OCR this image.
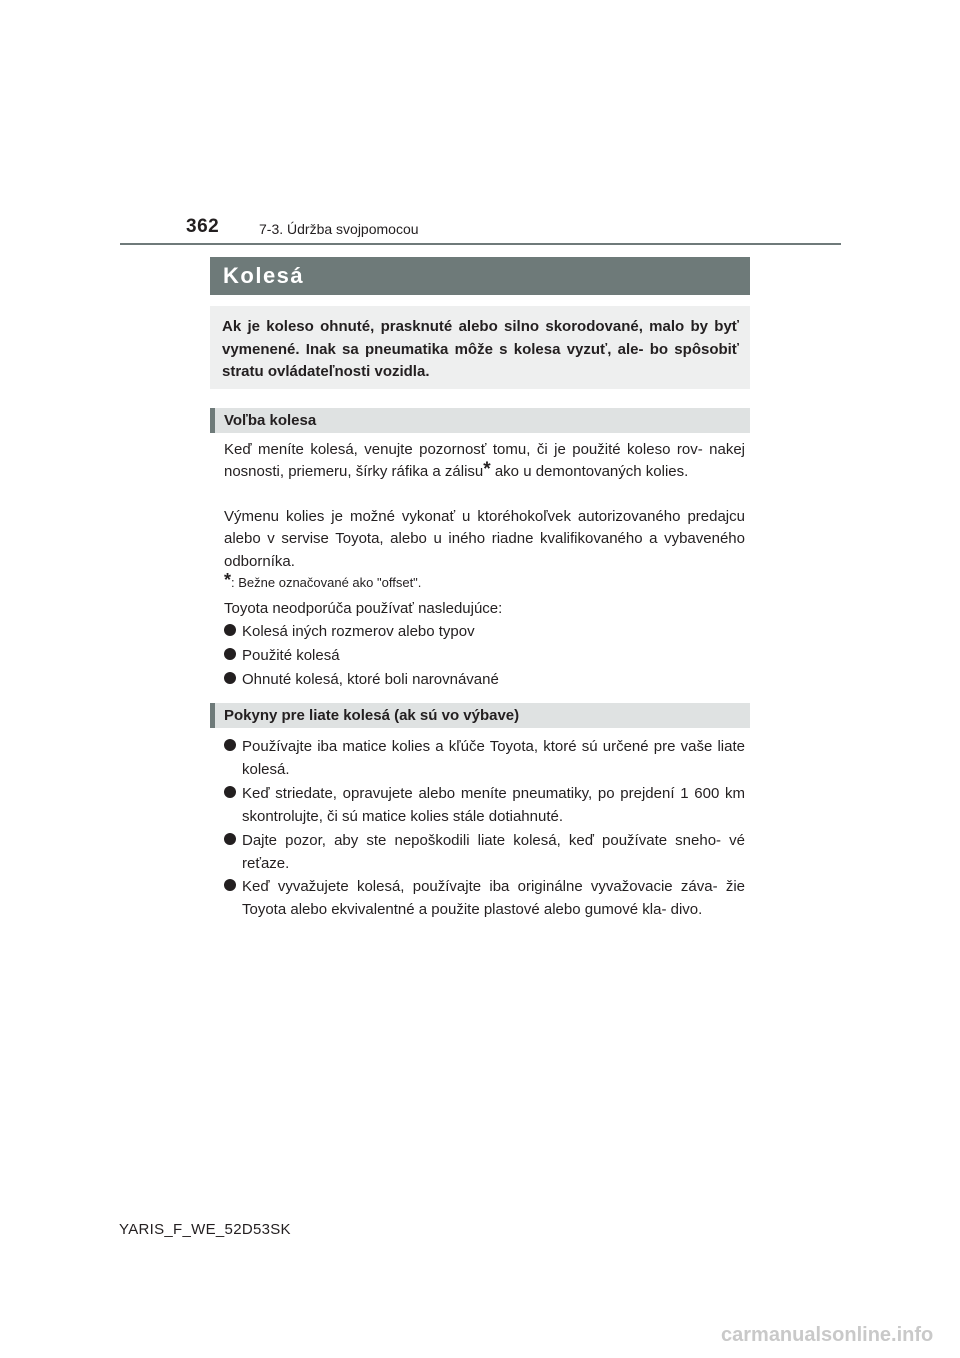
362	7-3. Údržba svojpomocou
Kolesá
Ak je koleso ohnuté, prasknuté alebo silno skorodované, malo by byť vymenené. Inak sa pneumatika môže s kolesa vyzuť, ale- bo spôsobiť stratu ovládateľnosti vozidla.
Voľba kolesa
Keď meníte kolesá, venujte pozornosť tomu, či je použité koleso rov- nakej nosnosti, priemeru, šírky ráfika a zálisu* ako u demontovaných kolies.
Výmenu kolies je možné vykonať u ktoréhokoľvek autorizovaného predajcu alebo v servise Toyota, alebo u iného riadne kvalifikovaného a vybaveného odborníka.
*: Bežne označované ako "offset".
Toyota neodporúča používať nasledujúce:
Kolesá iných rozmerov alebo typov
Použité kolesá
Ohnuté kolesá, ktoré boli narovnávané
Pokyny pre liate kolesá (ak sú vo výbave)
Používajte iba matice kolies a kľúče Toyota, ktoré sú určené pre vaše liate kolesá.
Keď striedate, opravujete alebo meníte pneumatiky, po prejdení 1 600 km skontrolujte, či sú matice kolies stále dotiahnuté.
Dajte pozor, aby ste nepoškodili liate kolesá, keď používate sneho- vé reťaze.
Keď vyvažujete kolesá, používajte iba originálne vyvažovacie záva- žie Toyota alebo ekvivalentné a použite plastové alebo gumové kla- divo.
YARIS_F_WE_52D53SK
carmanualsonline.info
